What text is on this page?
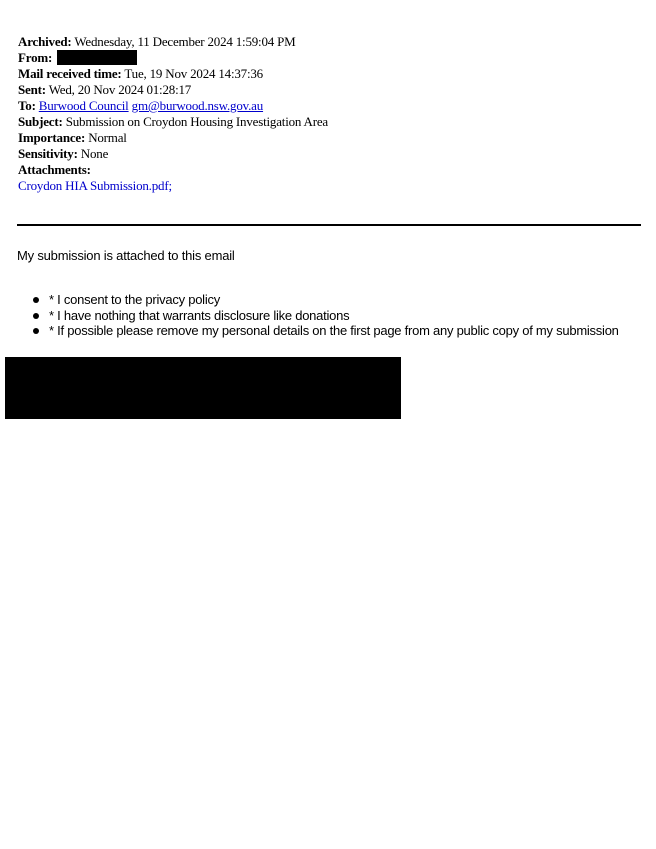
Archived: Wednesday, 11 December 2024 1:59:04 PM
From:
Mail received time: Tue, 19 Nov 2024 14:37:36
Sent: Wed, 20 Nov 2024 01:28:17
To: Burwood Council gm@burwood.nsw.gov.au
Subject: Submission on Croydon Housing Investigation Area
Importance: Normal
Sensitivity: None
Attachments:
Croydon HIA Submission.pdf;
My submission is attached to this email
* I consent to the privacy policy
* I have nothing that warrants disclosure like donations
* If possible please remove my personal details on the first page from any public copy of my submission
